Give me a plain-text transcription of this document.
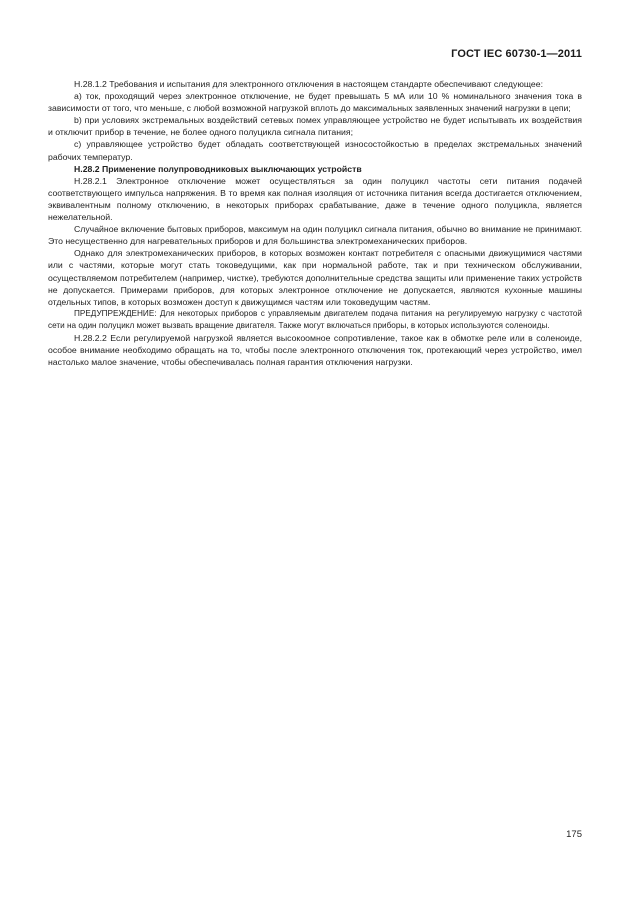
ГОСТ IEC 60730-1—2011

H.28.1.2 Требования и испытания для электронного отключения в настоящем стандарте обеспечивают следующее:

a) ток, проходящий через электронное отключение, не будет превышать 5 мА или 10 % номинального значения тока в зависимости от того, что меньше, с любой возможной нагрузкой вплоть до максимальных заявленных значений нагрузки в цепи;

b) при условиях экстремальных воздействий сетевых помех управляющее устройство не будет испытывать их воздействия и отключит прибор в течение, не более одного полуцикла сигнала питания;

c) управляющее устройство будет обладать соответствующей износостойкостью в пределах экстремальных значений рабочих температур.

H.28.2 Применение полупроводниковых выключающих устройств

H.28.2.1 Электронное отключение может осуществляться за один полуцикл частоты сети питания подачей соответствующего импульса напряжения. В то время как полная изоляция от источника питания всегда достигается отключением, эквивалентным полному отключению, в некоторых приборах срабатывание, даже в течение одного полуцикла, является нежелательной.

Случайное включение бытовых приборов, максимум на один полуцикл сигнала питания, обычно во внимание не принимают. Это несущественно для нагревательных приборов и для большинства электромеханических приборов.

Однако для электромеханических приборов, в которых возможен контакт потребителя с опасными движущимися частями или с частями, которые могут стать токоведущими, как при нормальной работе, так и при техническом обслуживании, осуществляемом потребителем (например, чистке), требуются дополнительные средства защиты или применение таких устройств не допускается. Примерами приборов, для которых электронное отключение не допускается, являются кухонные машины отдельных типов, в которых возможен доступ к движущимся частям или токоведущим частям.

ПРЕДУПРЕЖДЕНИЕ: Для некоторых приборов с управляемым двигателем подача питания на регулируемую нагрузку с частотой сети на один полуцикл может вызвать вращение двигателя. Также могут включаться приборы, в которых используются соленоиды.

H.28.2.2 Если регулируемой нагрузкой является высокоомное сопротивление, такое как в обмотке реле или в соленоиде, особое внимание необходимо обращать на то, чтобы после электронного отключения ток, протекающий через устройство, имел настолько малое значение, чтобы обеспечивалась полная гарантия отключения нагрузки.

175
